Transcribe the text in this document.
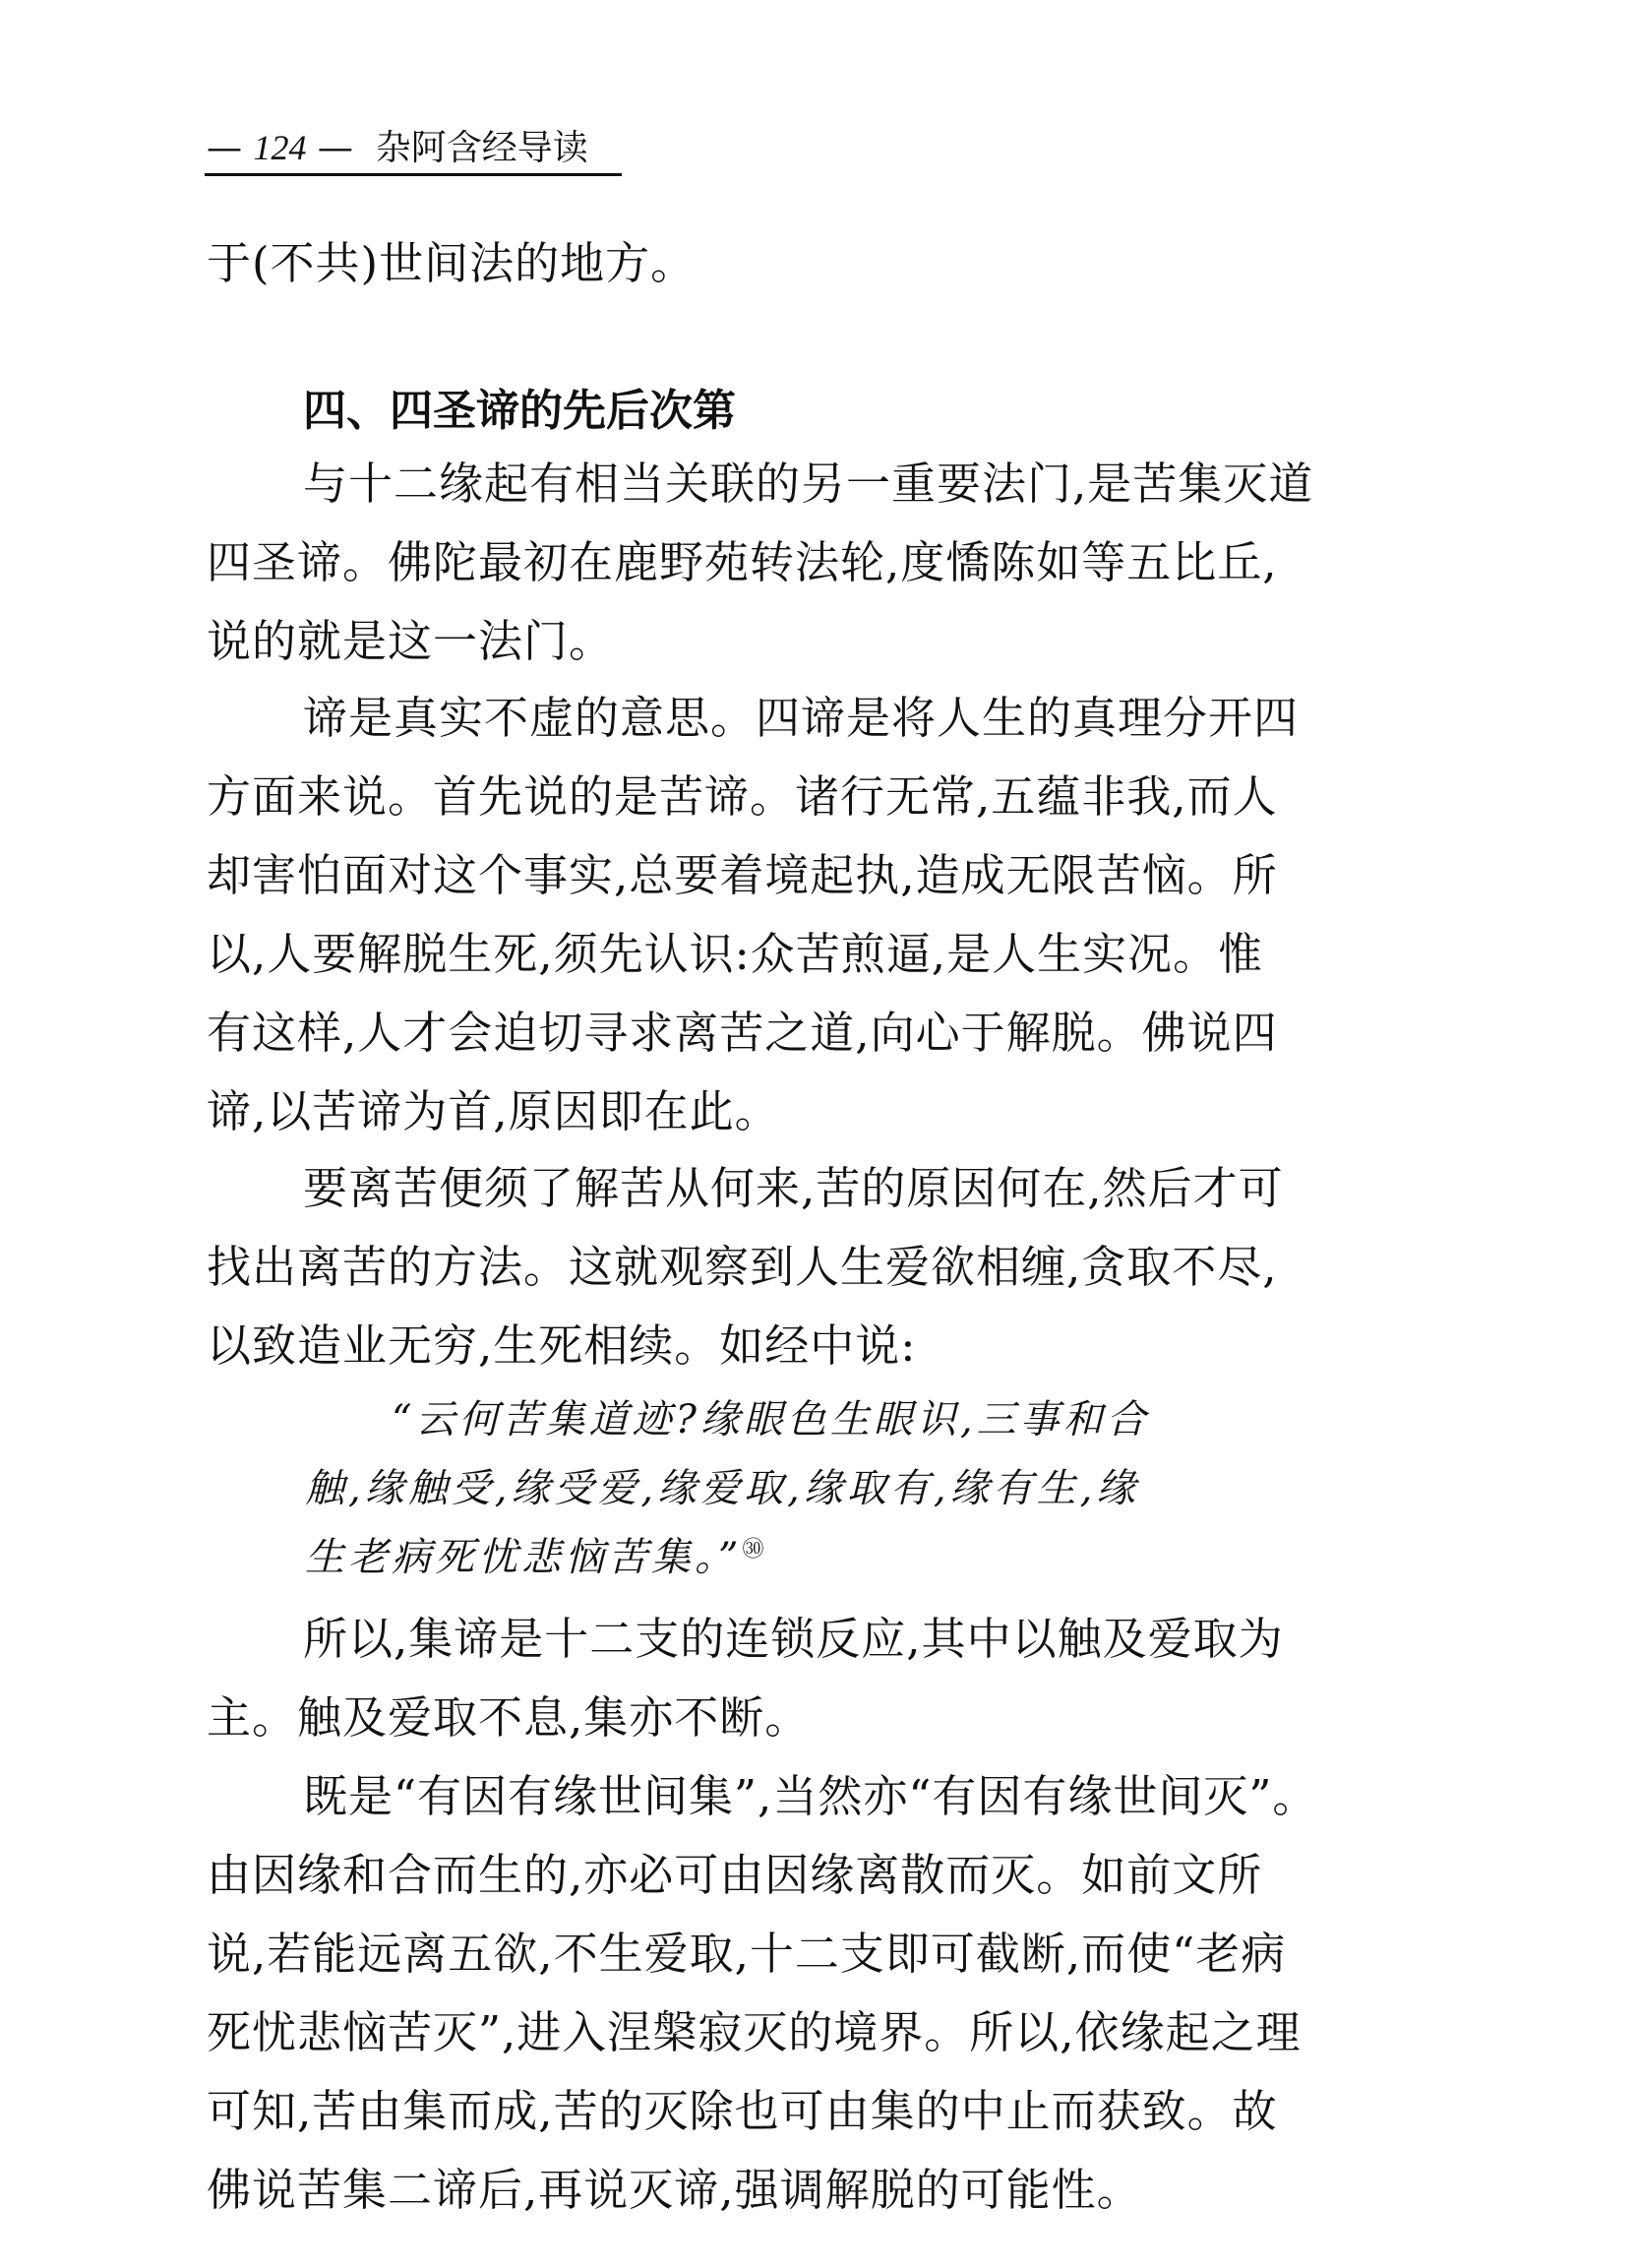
— 124 —  杂阿含经导读
于(不共)世间法的地方。
四、四圣谛的先后次第
与十二缘起有相当关联的另一重要法门,是苦集灭道
四圣谛。佛陀最初在鹿野苑转法轮,度憍陈如等五比丘,
说的就是这一法门。
谛是真实不虚的意思。四谛是将人生的真理分开四
方面来说。首先说的是苦谛。诸行无常,五蕴非我,而人
却害怕面对这个事实,总要着境起执,造成无限苦恼。所
以,人要解脱生死,须先认识:众苦煎逼,是人生实况。惟
有这样,人才会迫切寻求离苦之道,向心于解脱。佛说四
谛,以苦谛为首,原因即在此。
要离苦便须了解苦从何来,苦的原因何在,然后才可
找出离苦的方法。这就观察到人生爱欲相缠,贪取不尽,
以致造业无穷,生死相续。如经中说:
“云何苦集道迹?缘眼色生眼识,三事和合
触,缘触受,缘受爱,缘爱取,缘取有,缘有生,缘
生老病死忧悲恼苦集。”$^㉚$
所以,集谛是十二支的连锁反应,其中以触及爱取为
主。触及爱取不息,集亦不断。
既是“有因有缘世间集”,当然亦“有因有缘世间灭”。
由因缘和合而生的,亦必可由因缘离散而灭。如前文所
说,若能远离五欲,不生爱取,十二支即可截断,而使“老病
死忧悲恼苦灭”,进入涅槃寂灭的境界。所以,依缘起之理
可知,苦由集而成,苦的灭除也可由集的中止而获致。故
佛说苦集二谛后,再说灭谛,强调解脱的可能性。
